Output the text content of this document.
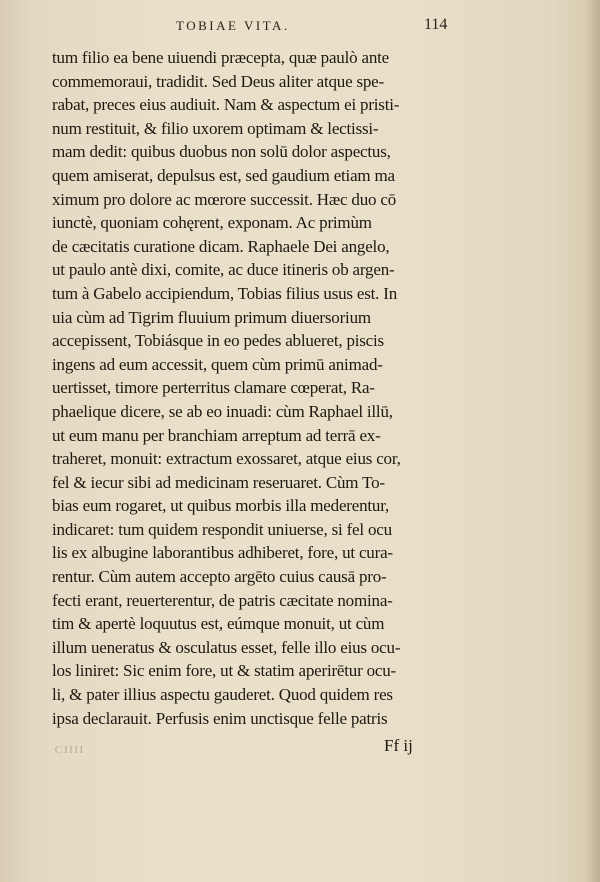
TOBIAE VITA.	114
tum filio ea bene uiuendi præcepta, quæ paulò ante
commemoraui, tradidit. Sed Deus aliter atque spe-
rabat, preces eius audiuit. Nam & aspectum ei pristi-
num restituit, & filio uxorem optimam & lectissi-
mam dedit: quibus duobus non solū dolor aspectus,
quem amiserat, depulsus est, sed gaudium etiam ma
ximum pro dolore ac mœrore successit. Hæc duo cō
iunctè, quoniam cohęrent, exponam. Ac primùm
de cæcitatis curatione dicam. Raphaele Dei angelo,
ut paulo antè dixi, comite, ac duce itineris ob argen-
tum à Gabelo accipiendum, Tobias filius usus est. In
uia cùm ad Tigrim fluuium primum diuersorium
accepissent, Tobiásque in eo pedes ablueret, piscis
ingens ad eum accessit, quem cùm primū animad-
uertisset, timore perterritus clamare cœperat, Ra-
phaelique dicere, se ab eo inuadi: cùm Raphael illū,
ut eum manu per branchiam arreptum ad terrā ex-
traheret, monuit: extractum exossaret, atque eius cor,
fel & iecur sibi ad medicinam reseruaret. Cùm To-
bias eum rogaret, ut quibus morbis illa mederentur,
indicaret: tum quidem respondit uniuerse, si fel ocu
lis ex albugine laborantibus adhiberet, fore, ut cura-
rentur. Cùm autem accepto argēto cuius causā pro-
fecti erant, reuerterentur, de patris cæcitate nomina-
tim & apertè loquutus est, eúmque monuit, ut cùm
illum ueneratus & osculatus esset, felle illo eius ocu-
los liniret: Sic enim fore, ut & statim aperirētur ocu-
li, & pater illius aspectu gauderet. Quod quidem res
ipsa declarauit. Perfusis enim unctisque felle patris
CIIII	Ff ij
